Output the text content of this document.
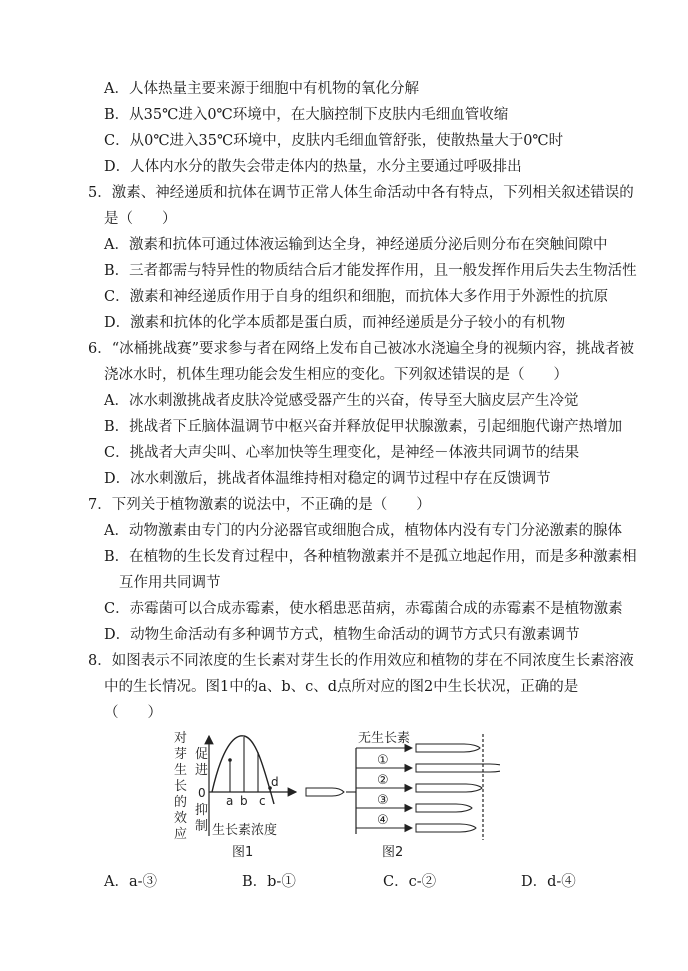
A．人体热量主要来源于细胞中有机物的氧化分解
B．从35℃进入0℃环境中，在大脑控制下皮肤内毛细血管收缩
C．从0℃进入35℃环境中，皮肤内毛细血管舒张，使散热量大于0℃时
D．人体内水分的散失会带走体内的热量，水分主要通过呼吸排出
5．激素、神经递质和抗体在调节正常人体生命活动中各有特点，下列相关叙述错误的
是（　　）
A．激素和抗体可通过体液运输到达全身，神经递质分泌后则分布在突触间隙中
B．三者都需与特异性的物质结合后才能发挥作用，且一般发挥作用后失去生物活性
C．激素和神经递质作用于自身的组织和细胞，而抗体大多作用于外源性的抗原
D．激素和抗体的化学本质都是蛋白质，而神经递质是分子较小的有机物
6．“冰桶挑战赛”要求参与者在网络上发布自己被冰水浇遍全身的视频内容，挑战者被
浇冰水时，机体生理功能会发生相应的变化。下列叙述错误的是（　　）
A．冰水刺激挑战者皮肤冷觉感受器产生的兴奋，传导至大脑皮层产生冷觉
B．挑战者下丘脑体温调节中枢兴奋并释放促甲状腺激素，引起细胞代谢产热增加
C．挑战者大声尖叫、心率加快等生理变化，是神经－体液共同调节的结果
D．冰水刺激后，挑战者体温维持相对稳定的调节过程中存在反馈调节
7．下列关于植物激素的说法中，不正确的是（　　）
A．动物激素由专门的内分泌器官或细胞合成，植物体内没有专门分泌激素的腺体
B．在植物的生长发育过程中，各种植物激素并不是孤立地起作用，而是多种激素相
互作用共同调节
C．赤霉菌可以合成赤霉素，使水稻患恶苗病，赤霉菌合成的赤霉素不是植物激素
D．动物生命活动有多种调节方式，植物生命活动的调节方式只有激素调节
8．如图表示不同浓度的生长素对芽生长的作用效应和植物的芽在不同浓度生长素溶液
中的生长情况。图1中的a、b、c、d点所对应的图2中生长状况，正确的是
（　　）
对
芽
生
长
的
效
应
促
进
抑
制
0
a b c
d
生长素浓度
图1
无生长素
①
②
③
④
图2
A．a-③	B．b-①	C．c-②	D．d-④
